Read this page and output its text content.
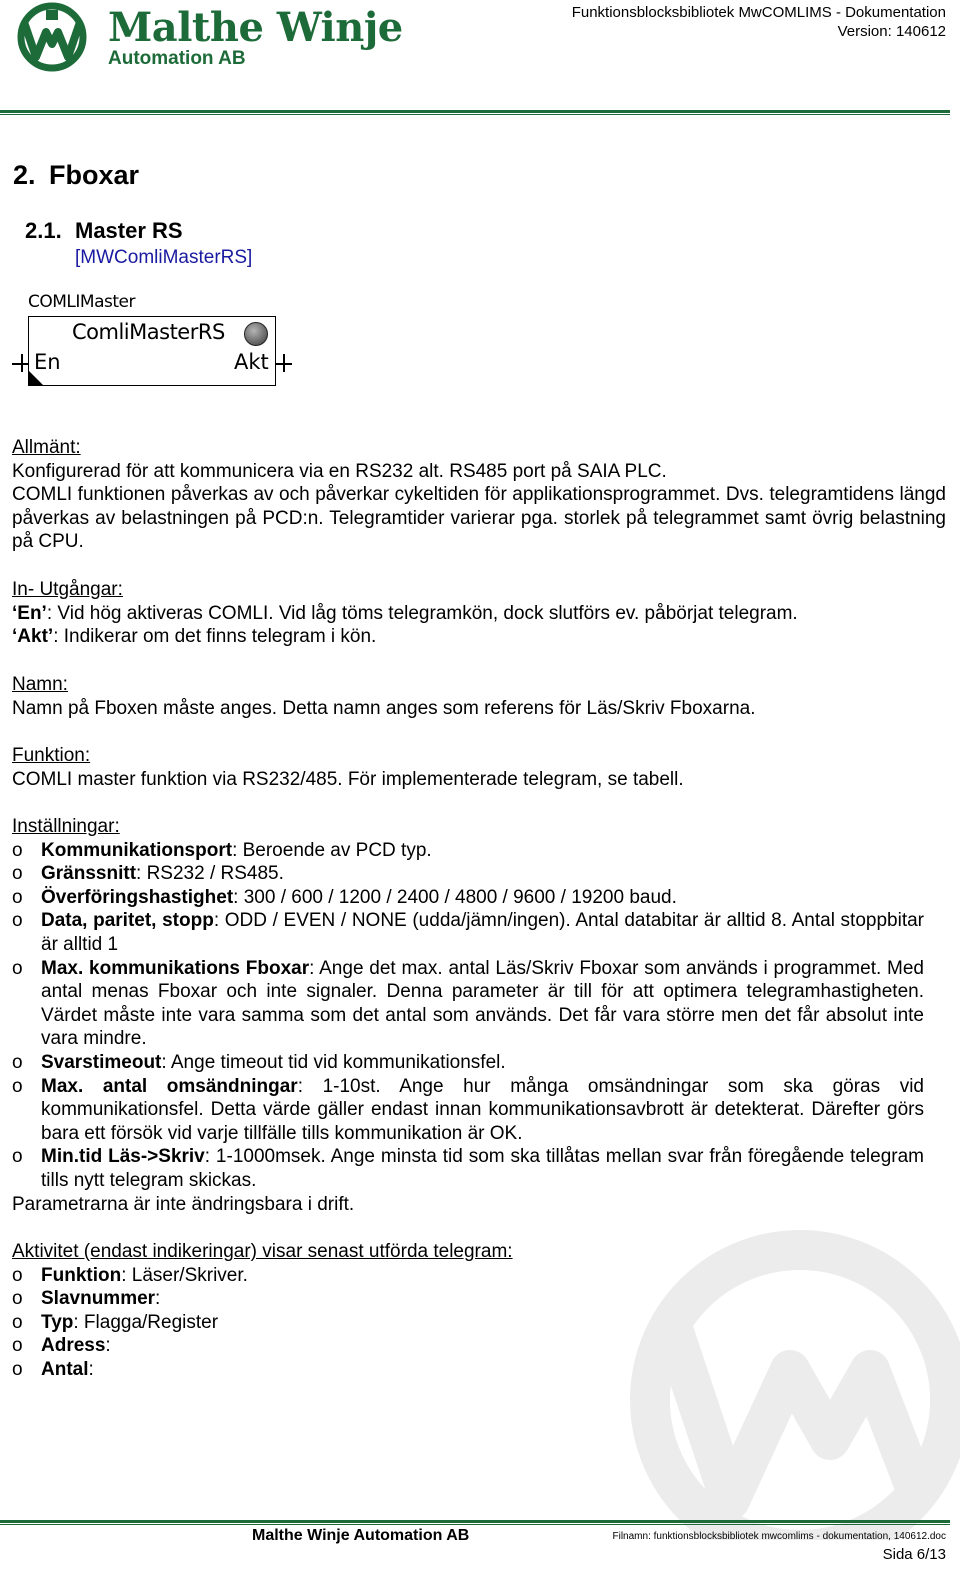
Malthe Winje
Automation AB
Funktionsblocksbibliotek MwCOMLIMS - Dokumentation
Version: 140612
2. Fboxar
2.1. Master RS
[MWComliMasterRS]
COMLIMaster
ComliMasterRS
En	Akt
Allmänt:
Konfigurerad för att kommunicera via en RS232 alt. RS485 port på SAIA PLC.
COMLI funktionen påverkas av och påverkar cykeltiden för applikationsprogrammet. Dvs. telegramtidens längd påverkas av belastningen på PCD:n. Telegramtider varierar pga. storlek på telegrammet samt övrig belastning på CPU.
In- Utgångar:
‘En’: Vid hög aktiveras COMLI. Vid låg töms telegramkön, dock slutförs ev. påbörjat telegram.
‘Akt’: Indikerar om det finns telegram i kön.
Namn:
Namn på Fboxen måste anges. Detta namn anges som referens för Läs/Skriv Fboxarna.
Funktion:
COMLI master funktion via RS232/485. För implementerade telegram, se tabell.
Inställningar:
o Kommunikationsport: Beroende av PCD typ.
o Gränssnitt: RS232 / RS485.
o Överföringshastighet: 300 / 600 / 1200 / 2400 / 4800 / 9600 / 19200 baud.
o Data, paritet, stopp: ODD / EVEN / NONE (udda/jämn/ingen). Antal databitar är alltid 8. Antal stoppbitar är alltid 1
o Max. kommunikations Fboxar: Ange det max. antal Läs/Skriv Fboxar som används i programmet. Med antal menas Fboxar och inte signaler. Denna parameter är till för att optimera telegramhastigheten. Värdet måste inte vara samma som det antal som används. Det får vara större men det får absolut inte vara mindre.
o Svarstimeout: Ange timeout tid vid kommunikationsfel.
o Max. antal omsändningar: 1-10st. Ange hur många omsändningar som ska göras vid kommunikationsfel. Detta värde gäller endast innan kommunikationsavbrott är detekterat. Därefter görs bara ett försök vid varje tillfälle tills kommunikation är OK.
o Min.tid Läs->Skriv: 1-1000msek. Ange minsta tid som ska tillåtas mellan svar från föregående telegram tills nytt telegram skickas.
Parametrarna är inte ändringsbara i drift.
Aktivitet (endast indikeringar) visar senast utförda telegram:
o Funktion: Läser/Skriver.
o Slavnummer:
o Typ: Flagga/Register
o Adress:
o Antal:
Malthe Winje Automation AB	Filnamn: funktionsblocksbibliotek mwcomlims - dokumentation, 140612.doc
Sida 6/13
